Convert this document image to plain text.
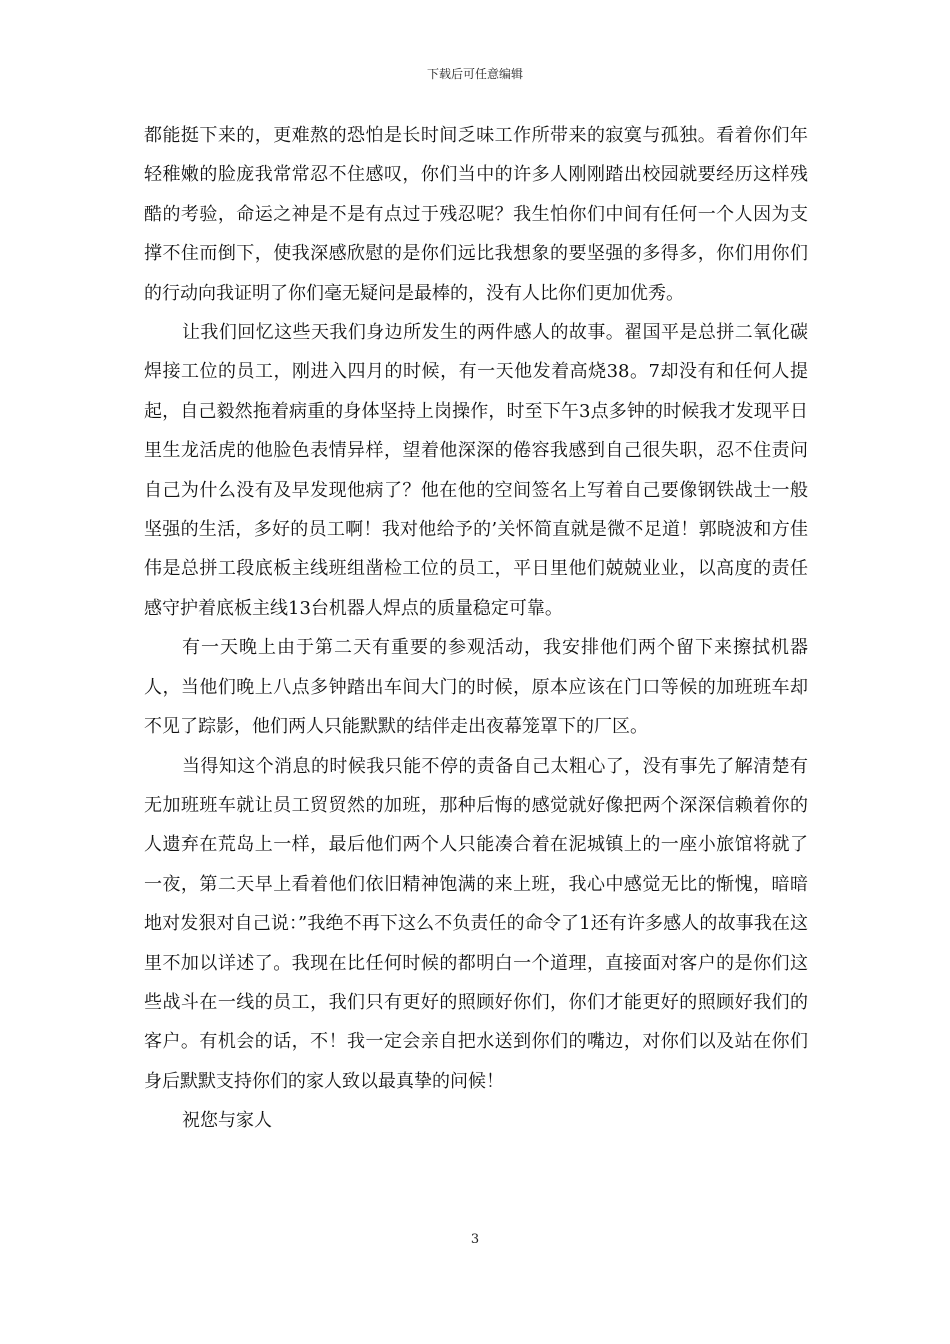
下载后可任意编辑

都能挺下来的，更难熬的恐怕是长时间乏味工作所带来的寂寞与孤独。看着你们年轻稚嫩的脸庞我常常忍不住感叹，你们当中的许多人刚刚踏出校园就要经历这样残酷的考验，命运之神是不是有点过于残忍呢？我生怕你们中间有任何一个人因为支撑不住而倒下，使我深感欣慰的是你们远比我想象的要坚强的多得多，你们用你们的行动向我证明了你们毫无疑问是最棒的，没有人比你们更加优秀。

让我们回忆这些天我们身边所发生的两件感人的故事。翟国平是总拼二氧化碳焊接工位的员工，刚进入四月的时候，有一天他发着高烧38。7却没有和任何人提起，自己毅然拖着病重的身体坚持上岗操作，时至下午3点多钟的时候我才发现平日里生龙活虎的他脸色表情异样，望着他深深的倦容我感到自己很失职，忍不住责问自己为什么没有及早发现他病了？他在他的空间签名上写着自己要像钢铁战士一般坚强的生活，多好的员工啊！我对他给予的’关怀简直就是微不足道！郭晓波和方佳伟是总拼工段底板主线班组凿检工位的员工，平日里他们兢兢业业，以高度的责任感守护着底板主线13台机器人焊点的质量稳定可靠。

有一天晚上由于第二天有重要的参观活动，我安排他们两个留下来擦拭机器人，当他们晚上八点多钟踏出车间大门的时候，原本应该在门口等候的加班班车却不见了踪影，他们两人只能默默的结伴走出夜幕笼罩下的厂区。

当得知这个消息的时候我只能不停的责备自己太粗心了，没有事先了解清楚有无加班班车就让员工贸贸然的加班，那种后悔的感觉就好像把两个深深信赖着你的人遗弃在荒岛上一样，最后他们两个人只能凑合着在泥城镇上的一座小旅馆将就了一夜，第二天早上看着他们依旧精神饱满的来上班，我心中感觉无比的惭愧，暗暗地对发狠对自己说：”我绝不再下这么不负责任的命令了1还有许多感人的故事我在这里不加以详述了。我现在比任何时候的都明白一个道理，直接面对客户的是你们这些战斗在一线的员工，我们只有更好的照顾好你们，你们才能更好的照顾好我们的客户。有机会的话，不！我一定会亲自把水送到你们的嘴边，对你们以及站在你们身后默默支持你们的家人致以最真挚的问候！

祝您与家人

3
